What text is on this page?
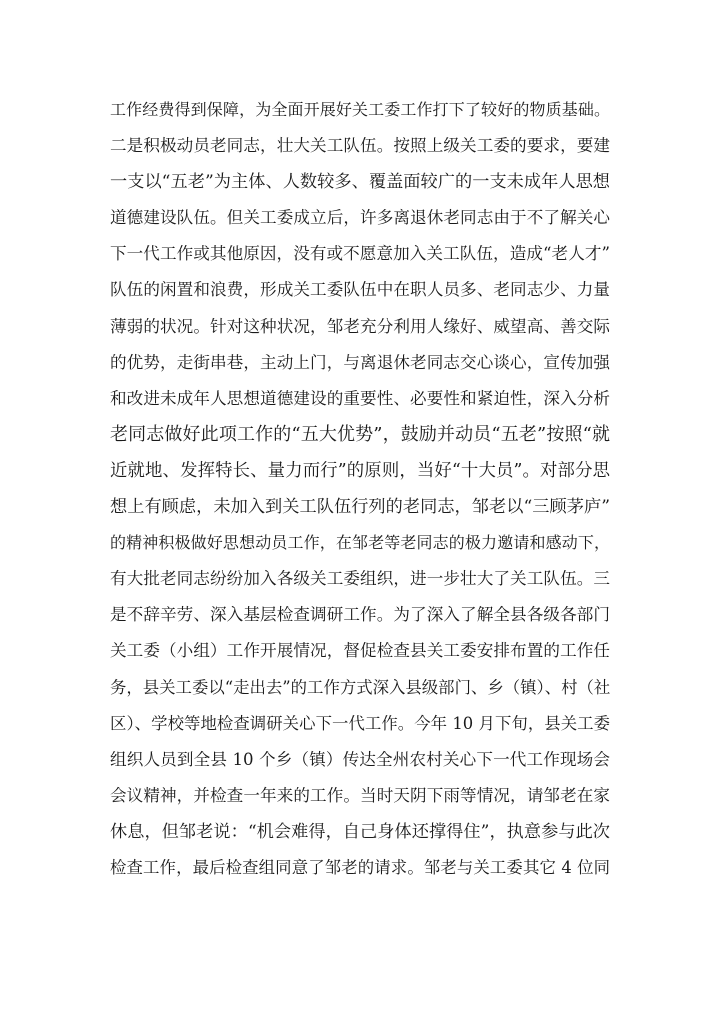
工作经费得到保障，为全面开展好关工委工作打下了较好的物质基础。
二是积极动员老同志，壮大关工队伍。按照上级关工委的要求，要建
一支以“五老”为主体、人数较多、覆盖面较广的一支未成年人思想
道德建设队伍。但关工委成立后，许多离退休老同志由于不了解关心
下一代工作或其他原因，没有或不愿意加入关工队伍，造成“老人才”
队伍的闲置和浪费，形成关工委队伍中在职人员多、老同志少、力量
薄弱的状况。针对这种状况，邹老充分利用人缘好、威望高、善交际
的优势，走街串巷，主动上门，与离退休老同志交心谈心，宣传加强
和改进未成年人思想道德建设的重要性、必要性和紧迫性，深入分析
老同志做好此项工作的“五大优势”，鼓励并动员“五老”按照“就
近就地、发挥特长、量力而行”的原则，当好“十大员”。对部分思
想上有顾虑，未加入到关工队伍行列的老同志，邹老以“三顾茅庐”
的精神积极做好思想动员工作，在邹老等老同志的极力邀请和感动下，
有大批老同志纷纷加入各级关工委组织，进一步壮大了关工队伍。三
是不辞辛劳、深入基层检查调研工作。为了深入了解全县各级各部门
关工委（小组）工作开展情况，督促检查县关工委安排布置的工作任
务，县关工委以“走出去”的工作方式深入县级部门、乡（镇）、村（社
区）、学校等地检查调研关心下一代工作。今年 10 月下旬，县关工委
组织人员到全县 10 个乡（镇）传达全州农村关心下一代工作现场会
会议精神，并检查一年来的工作。当时天阴下雨等情况，请邹老在家
休息，但邹老说：“机会难得，自己身体还撑得住”，执意参与此次
检查工作，最后检查组同意了邹老的请求。邹老与关工委其它 4 位同
